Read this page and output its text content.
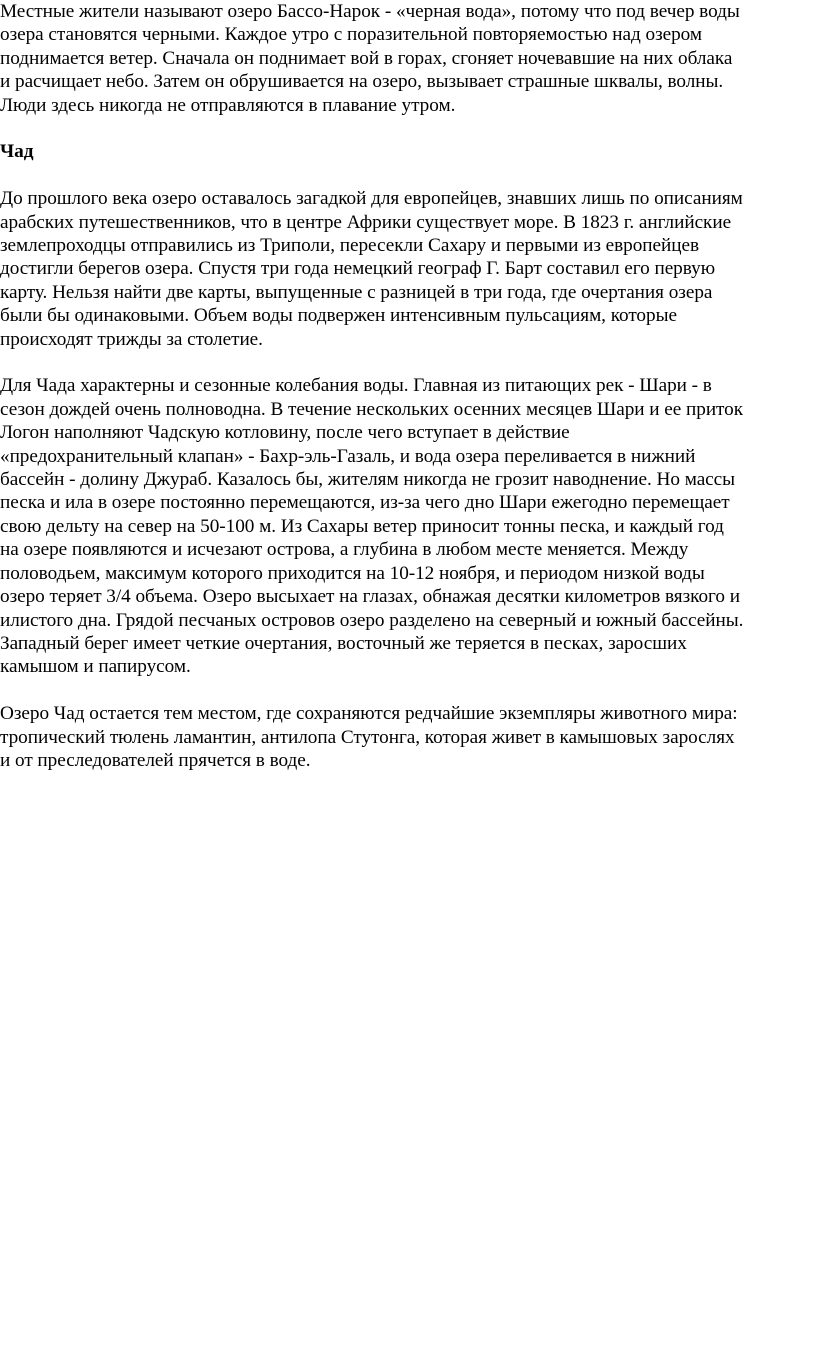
Местные жители называют озеро Бассо-Нарок - «черная вода», потому что под вечер воды
озера становятся черными. Каждое утро с поразительной повторяемостью над озером
поднимается ветер. Сначала он поднимает вой в горах, сгоняет ночевавшие на них облака
и расчищает небо. Затем он обрушивается на озеро, вызывает страшные шквалы, волны.
Люди здесь никогда не отправляются в плавание утром.
Чад
До прошлого века озеро оставалось загадкой для европейцев, знавших лишь по описаниям
арабских путешественников, что в центре Африки существует море. В 1823 г. английские
землепроходцы отправились из Триполи, пересекли Сахару и первыми из европейцев
достигли берегов озера. Спустя три года немецкий географ Г. Барт составил его первую
карту. Нельзя найти две карты, выпущенные с разницей в три года, где очертания озера
были бы одинаковыми. Объем воды подвержен интенсивным пульсациям, которые
происходят трижды за столетие.
Для Чада характерны и сезонные колебания воды. Главная из питающих рек - Шари - в
сезон дождей очень полноводна. В течение нескольких осенних месяцев Шари и ее приток
Логон наполняют Чадскую котловину, после чего вступает в действие
«предохранительный клапан» - Бахр-эль-Газаль, и вода озера переливается в нижний
бассейн - долину Джураб. Казалось бы, жителям никогда не грозит наводнение. Но массы
песка и ила в озере постоянно перемещаются, из-за чего дно Шари ежегодно перемещает
свою дельту на север на 50-100 м. Из Сахары ветер приносит тонны песка, и каждый год
на озере появляются и исчезают острова, а глубина в любом месте меняется. Между
половодьем, максимум которого приходится на 10-12 ноября, и периодом низкой воды
озеро теряет 3/4 объема. Озеро высыхает на глазах, обнажая десятки километров вязкого и
илистого дна. Грядой песчаных островов озеро разделено на северный и южный бассейны.
Западный берег имеет четкие очертания, восточный же теряется в песках, заросших
камышом и папирусом.
Озеро Чад остается тем местом, где сохраняются редчайшие экземпляры животного мира:
тропический тюлень ламантин, антилопа Стутонга, которая живет в камышовых зарослях
и от преследователей прячется в воде.
